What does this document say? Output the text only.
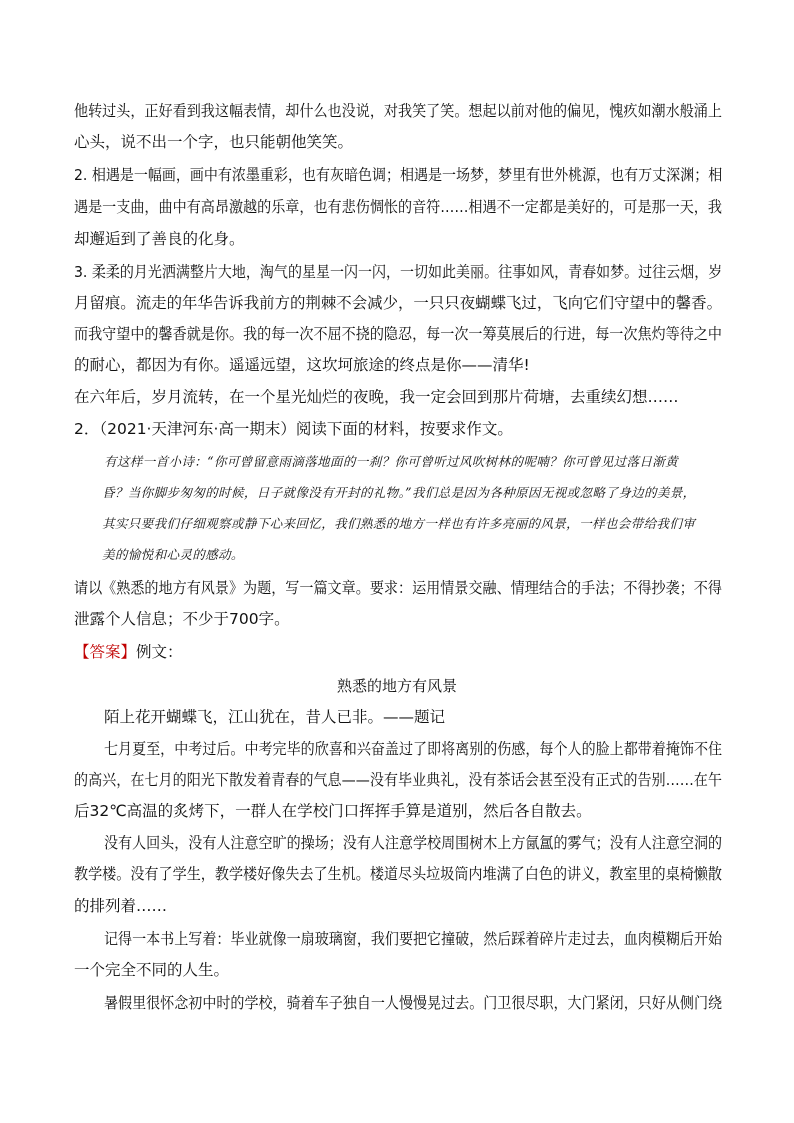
他转过头，正好看到我这幅表情，却什么也没说，对我笑了笑。想起以前对他的偏见，愧疚如潮水般涌上
心头，说不出一个字，也只能朝他笑笑。
2. 相遇是一幅画，画中有浓墨重彩，也有灰暗色调；相遇是一场梦，梦里有世外桃源，也有万丈深渊；相
遇是一支曲，曲中有高昂激越的乐章，也有悲伤惆怅的音符……相遇不一定都是美好的，可是那一天，我
却邂逅到了善良的化身。
3. 柔柔的月光洒满整片大地，淘气的星星一闪一闪，一切如此美丽。往事如风，青春如梦。过往云烟，岁
月留痕。流走的年华告诉我前方的荆棘不会减少，一只只夜蝴蝶飞过，飞向它们守望中的馨香。
而我守望中的馨香就是你。我的每一次不屈不挠的隐忍，每一次一筹莫展后的行进，每一次焦灼等待之中
的耐心，都因为有你。遥遥远望，这坎坷旅途的终点是你——清华!
在六年后，岁月流转，在一个星光灿烂的夜晚，我一定会回到那片荷塘，去重续幻想……
2．（2021·天津河东·高一期末）阅读下面的材料，按要求作文。
有这样一首小诗：“你可曾留意雨滴落地面的一刹？你可曾听过风吹树林的呢喃？你可曾见过落日渐黄
昏？当你脚步匆匆的时候，日子就像没有开封的礼物。”我们总是因为各种原因无视或忽略了身边的美景，
其实只要我们仔细观察或静下心来回忆，我们熟悉的地方一样也有许多亮丽的风景，一样也会带给我们审
美的愉悦和心灵的感动。
请以《熟悉的地方有风景》为题，写一篇文章。要求：运用情景交融、情理结合的手法；不得抄袭；不得
泄露个人信息；不少于700字。
【答案】例文：
熟悉的地方有风景
陌上花开蝴蝶飞，江山犹在，昔人已非。——题记
七月夏至，中考过后。中考完毕的欣喜和兴奋盖过了即将离别的伤感，每个人的脸上都带着掩饰不住
的高兴，在七月的阳光下散发着青春的气息——没有毕业典礼，没有茶话会甚至没有正式的告别……在午
后32℃高温的炙烤下，一群人在学校门口挥挥手算是道别，然后各自散去。
没有人回头，没有人注意空旷的操场；没有人注意学校周围树木上方氤氲的雾气；没有人注意空洞的
教学楼。没有了学生，教学楼好像失去了生机。楼道尽头垃圾筒内堆满了白色的讲义，教室里的桌椅懒散
的排列着……
记得一本书上写着：毕业就像一扇玻璃窗，我们要把它撞破，然后踩着碎片走过去，血肉模糊后开始
一个完全不同的人生。
暑假里很怀念初中时的学校，骑着车子独自一人慢慢晃过去。门卫很尽职，大门紧闭，只好从侧门绕
